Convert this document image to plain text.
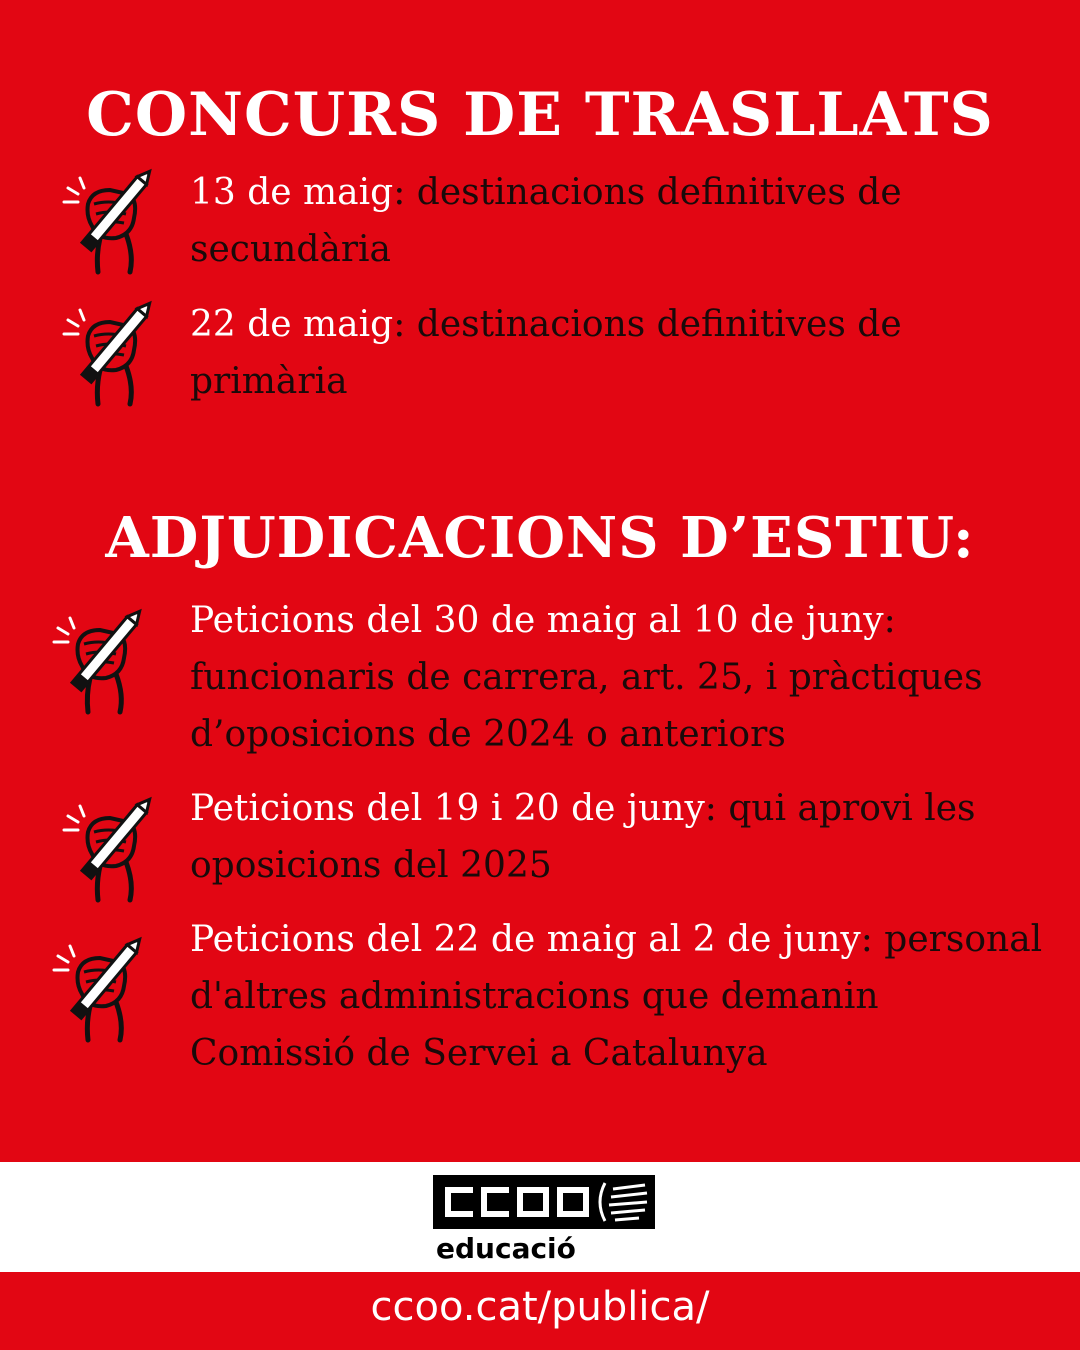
CONCURS DE TRASLLATS
13 de maig: destinacions definitives de secundària
22 de maig: destinacions definitives de primària
ADJUDICACIONS D’ESTIU:
Peticions del 30 de maig al 10 de juny: funcionaris de carrera, art. 25, i pràctiques d’oposicions de 2024 o anteriors
Peticions del 19 i 20 de juny: qui aprovi les oposicions del 2025
Peticions del 22 de maig al 2 de juny: personal d'altres administracions que demanin Comissió de Servei a Catalunya
educació
ccoo.cat/publica/
